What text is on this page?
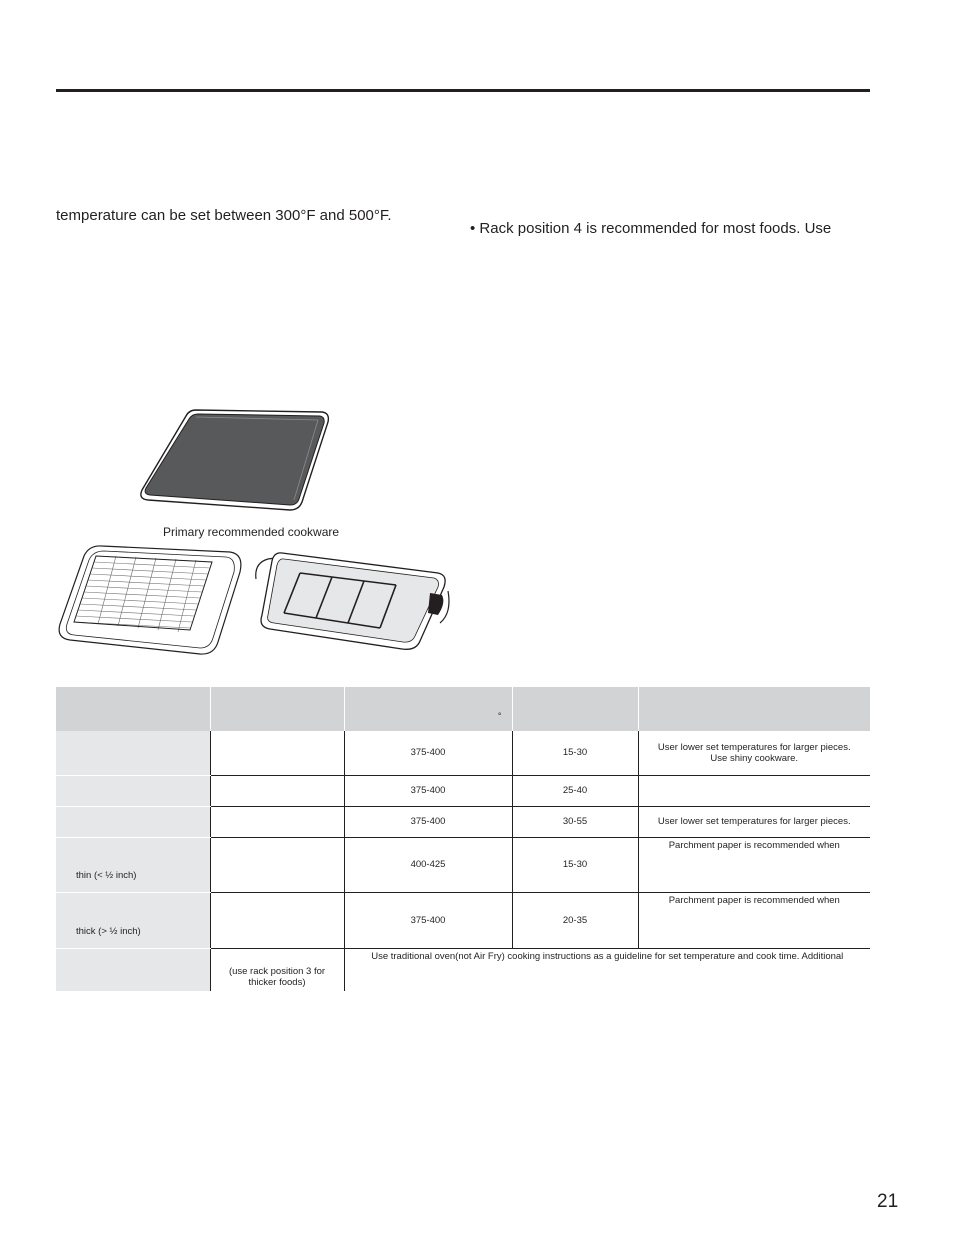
temperature can be set between 300°F and 500°F.
• Rack position 4 is recommended for most foods. Use
Primary recommended cookware

		°		

		375-400	15-30	User lower set temperatures for larger pieces.
Use shiny cookware.

		375-400	25-40	
		375-400	30-55	User lower set temperatures for larger pieces.

thin (< ½ inch)		400-425	15-30	Parchment paper is recommended when

thick (> ½ inch)		375-400	20-35	Parchment paper is recommended when

	(use rack position 3 for thicker foods)	Use traditional oven(not Air Fry) cooking instructions as a guideline for set temperature and cook time. Additional		
21
